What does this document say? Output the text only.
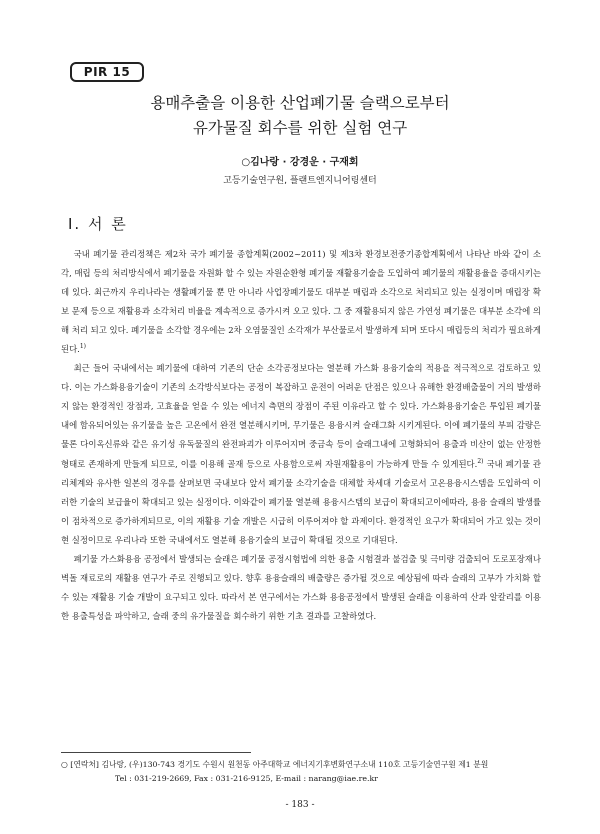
PIR 15
용매추출을 이용한 산업폐기물 슬랙으로부터
유가물질 회수를 위한 실험 연구
○김나랑 · 강경운 · 구재회
고등기술연구원, 플랜트엔지니어링센터
I. 서 론

국내 폐기물 관리정책은 제2차 국가 폐기물 종합계획(2002~2011) 및 제3차 환경보전중기종합계획에서 나타난 바와 같이 소각, 매립 등의 처리방식에서 폐기물을 자원화 할 수 있는 자원순환형 폐기물 재활용기술을 도입하여 폐기물의 재활용율을 증대시키는데 있다. 최근까지 우리나라는 생활폐기물 뿐 만 아니라 사업장폐기물도 대부분 매립과 소각으로 처리되고 있는 실정이며 매립장 확보 문제 등으로 재활용과 소각처리 비율을 계속적으로 증가시켜 오고 있다. 그 중 재활용되지 않은 가연성 폐기물은 대부분 소각에 의해 처리 되고 있다. 폐기물을 소각할 경우에는 2차 오염물질인 소각재가 부산물로서 발생하게 되며 또다시 매립등의 처리가 필요하게 된다.$^{1)}$

최근 들어 국내에서는 폐기물에 대하여 기존의 단순 소각공정보다는 열분해 가스화 용융기술의 적용을 적극적으로 검토하고 있다. 이는 가스화용융기술이 기존의 소각방식보다는 공정이 복잡하고 운전이 어려운 단점은 있으나 유해한 환경배출물이 거의 발생하지 않는 환경적인 장점과, 고효율을 얻을 수 있는 에너지 측면의 장점이 주된 이유라고 할 수 있다. 가스화용융기술은 투입된 폐기물 내에 함유되어있는 유기물을 높은 고온에서 완전 열분해시키며, 무기물은 용융시켜 슬래그화 시키게된다. 이에 폐기물의 부피 감량은 물론 다이옥신류와 같은 유기성 유독물질의 완전파괴가 이루어지며 중금속 등이 슬래그내에 고형화되어 용출과 비산이 없는 안정한 형태로 존재하게 만들게 되므로, 이를 이용해 골재 등으로 사용함으로써 자원재활용이 가능하게 만들 수 있게된다.$^{2)}$ 국내 폐기물 관리체계와 유사한 일본의 경우를 살펴보면 국내보다 앞서 폐기물 소각기술을 대체할 차세대 기술로서 고온용융시스템을 도입하여 이러한 기술의 보급율이 확대되고 있는 실정이다. 이와같이 폐기물 열분해 용융시스템의 보급이 확대되고이에따라, 용융 슬래의 발생률이 점차적으로 증가하게되므로, 이의 재활용 기술 개발은 시급히 이루어져야 할 과제이다. 환경적인 요구가 확대되어 가고 있는 것이 현 실정이므로 우리나라 또한 국내에서도 열분해 용융기술의 보급이 확대될 것으로 기대된다.

폐기물 가스화용융 공정에서 발생되는 슬래은 폐기물 공정시험법에 의한 용출 시험결과 불검출 및 극미량 검출되어 도로포장재나 벽돌 재료로의 재활용 연구가 주로 진행되고 있다. 향후 용융슬래의 배출량은 증가될 것으로 예상됨에 따라 슬래의 고부가 가치화 할 수 있는 재활용 기술 개발이 요구되고 있다. 따라서 본 연구에서는 가스화 용융공정에서 발생된 슬래을 이용하여 산과 알칼리를 이용한 용출특성을 파악하고, 슬래 중의 유가물질을 회수하기 위한 기초 결과를 고찰하였다.

○ [연락처] 김나랑, (우)130-743 경기도 수원시 원천동 아주대학교 에너지기후변화연구소내 110호 고등기술연구원 제1 분원
Tel : 031-219-2669, Fax : 031-216-9125, E-mail : narang@iae.re.kr
- 183 -
